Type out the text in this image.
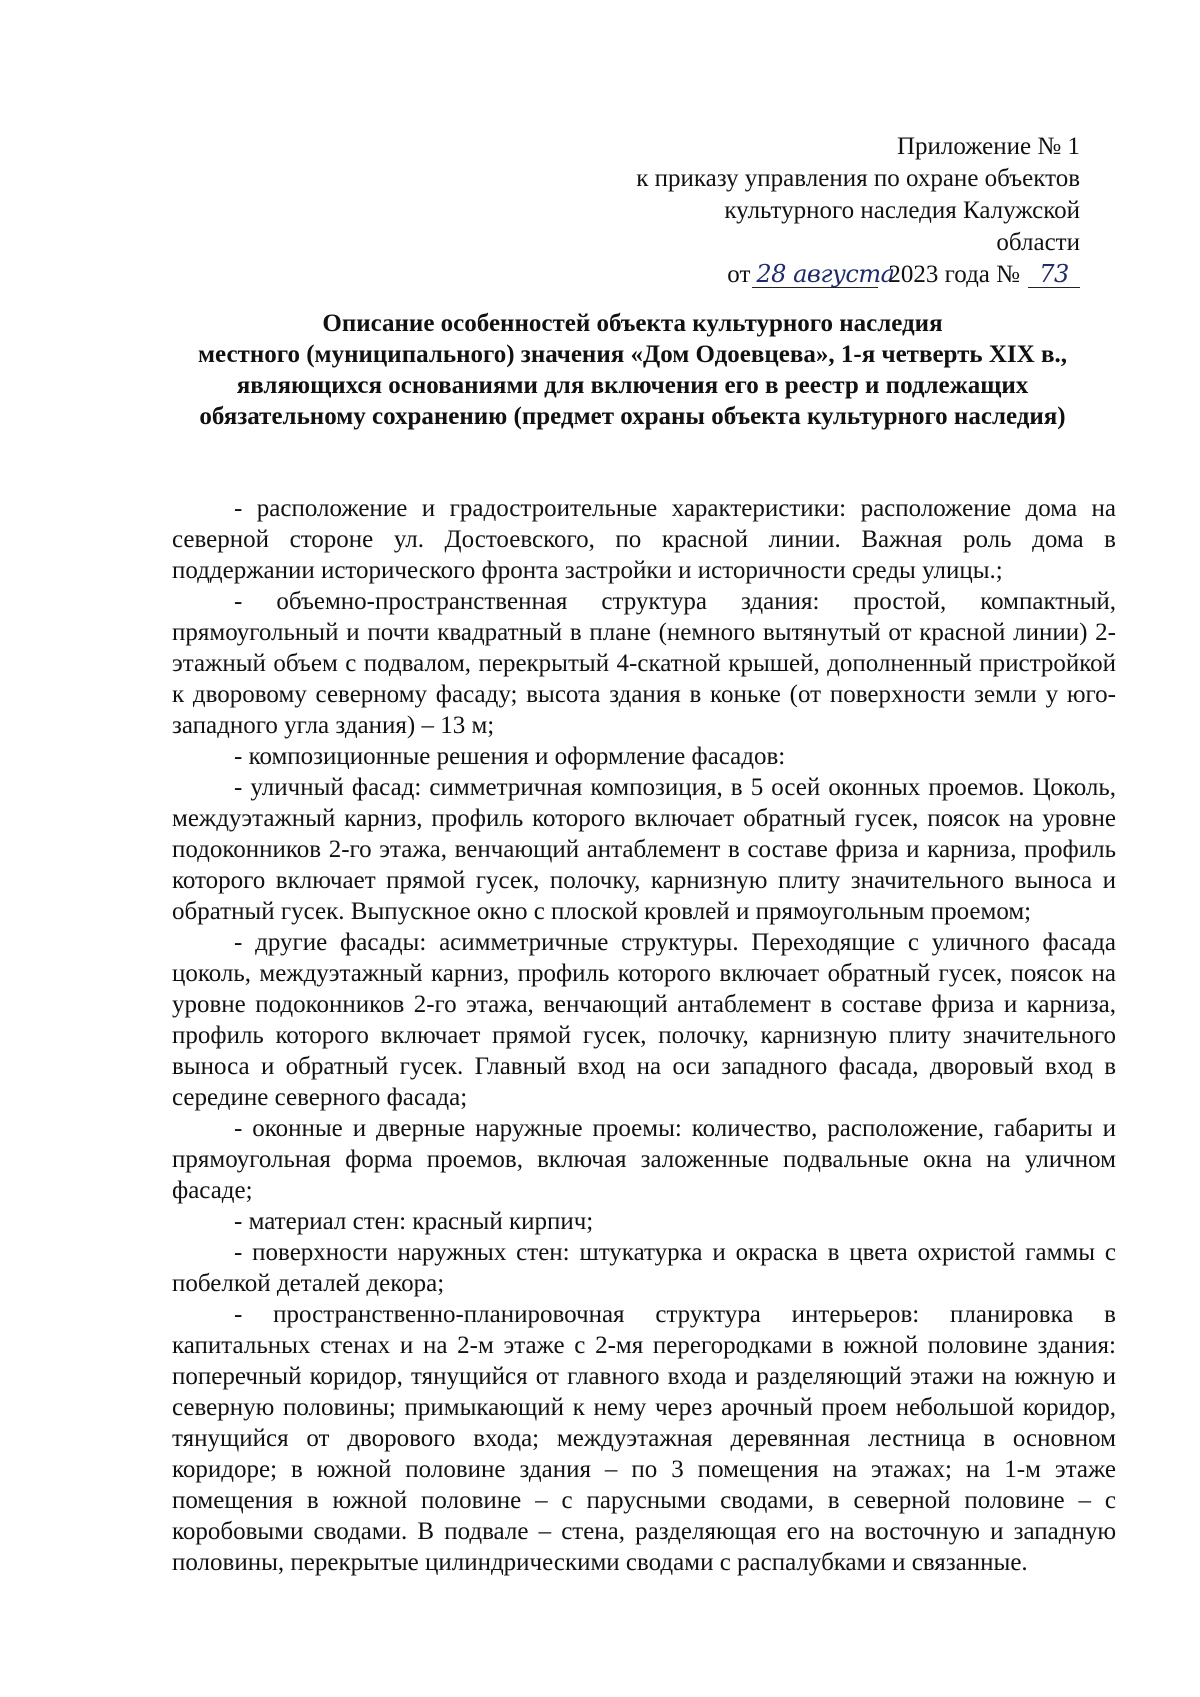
Приложение № 1
к приказу управления по охране объектов
культурного наследия Калужской
области
от 28 августа
2023 года № 73
Описание особенностей объекта культурного наследия
местного (муниципального) значения «Дом Одоевцева», 1-я четверть XIX в.,
являющихся основаниями для включения его в реестр и подлежащих
обязательному сохранению (предмет охраны объекта культурного наследия)

- расположение и градостроительные характеристики: расположение дома на северной стороне ул. Достоевского, по красной линии. Важная роль дома в поддержании исторического фронта застройки и историчности среды улицы.;

- объемно-пространственная структура здания: простой, компактный, прямоугольный и почти квадратный в плане (немного вытянутый от красной линии) 2-этажный объем с подвалом, перекрытый 4-скатной крышей, дополненный пристройкой к дворовому северному фасаду; высота здания в коньке (от поверхности земли у юго-западного угла здания) – 13 м;

- композиционные решения и оформление фасадов:

- уличный фасад: симметричная композиция, в 5 осей оконных проемов. Цоколь, междуэтажный карниз, профиль которого включает обратный гусек, поясок на уровне подоконников 2-го этажа, венчающий антаблемент в составе фриза и карниза, профиль которого включает прямой гусек, полочку, карнизную плиту значительного выноса и обратный гусек. Выпускное окно с плоской кровлей и прямоугольным проемом;

- другие фасады: асимметричные структуры. Переходящие с уличного фасада цоколь, междуэтажный карниз, профиль которого включает обратный гусек, поясок на уровне подоконников 2-го этажа, венчающий антаблемент в составе фриза и карниза, профиль которого включает прямой гусек, полочку, карнизную плиту значительного выноса и обратный гусек. Главный вход на оси западного фасада, дворовый вход в середине северного фасада;

- оконные и дверные наружные проемы: количество, расположение, габариты и прямоугольная форма проемов, включая заложенные подвальные окна на уличном фасаде;

- материал стен: красный кирпич;

- поверхности наружных стен: штукатурка и окраска в цвета охристой гаммы с побелкой деталей декора;

- пространственно-планировочная структура интерьеров: планировка в капитальных стенах и на 2-м этаже с 2-мя перегородками в южной половине здания: поперечный коридор, тянущийся от главного входа и разделяющий этажи на южную и северную половины; примыкающий к нему через арочный проем небольшой коридор, тянущийся от дворового входа; междуэтажная деревянная лестница в основном коридоре; в южной половине здания – по 3 помещения на этажах; на 1-м этаже помещения в южной половине – с парусными сводами, в северной половине – с коробовыми сводами. В подвале – стена, разделяющая его на восточную и западную половины, перекрытые цилиндрическими сводами с распалубками и связанные.
